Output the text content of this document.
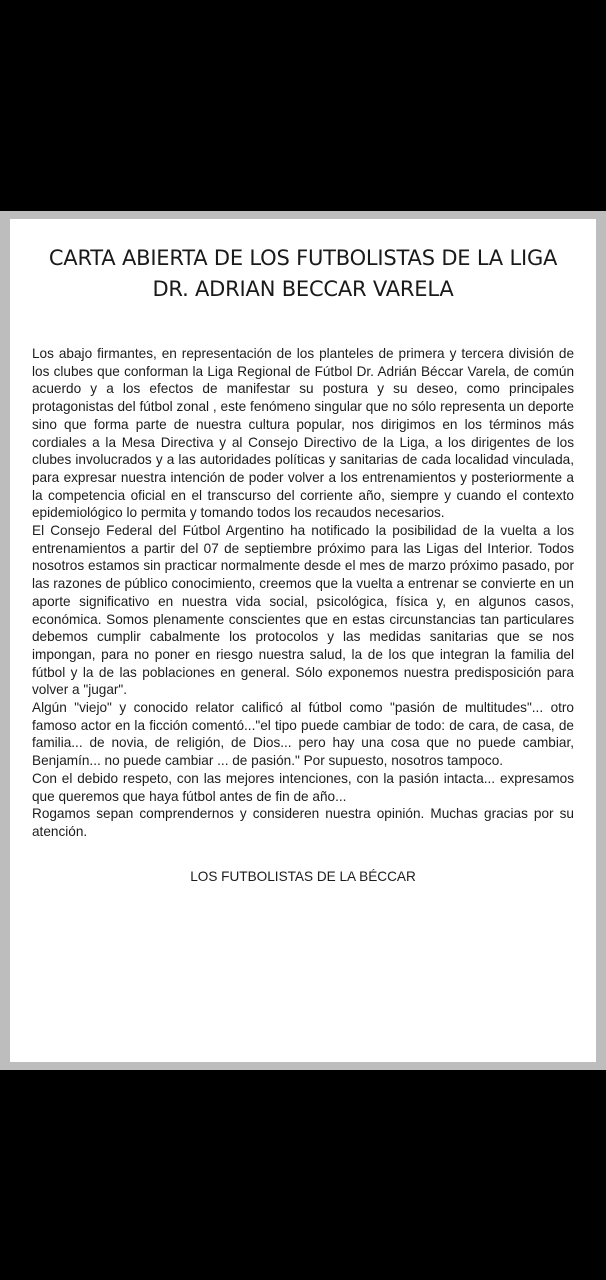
CARTA ABIERTA DE LOS FUTBOLISTAS DE LA LIGA
DR. ADRIAN BECCAR VARELA

Los abajo firmantes, en representación de los planteles de primera y tercera división de los clubes que conforman la Liga Regional de Fútbol Dr. Adrián Béccar Varela, de común acuerdo y a los efectos de manifestar su postura y su deseo, como principales protagonistas del fútbol zonal , este fenómeno singular que no sólo representa un deporte sino que forma parte de nuestra cultura popular, nos dirigimos en los términos más cordiales a la Mesa Directiva y al Consejo Directivo de la Liga, a los dirigentes de los clubes involucrados y a las autoridades políticas y sanitarias de cada localidad vinculada, para expresar nuestra intención de poder volver a los entrenamientos y posteriormente a la competencia oficial en el transcurso del corriente año, siempre y cuando el contexto epidemiológico lo permita y tomando todos los recaudos necesarios.

El Consejo Federal del Fútbol Argentino ha notificado la posibilidad de la vuelta a los entrenamientos a partir del 07 de septiembre próximo para las Ligas del Interior. Todos nosotros estamos sin practicar normalmente desde el mes de marzo próximo pasado, por las razones de público conocimiento, creemos que la vuelta a entrenar se convierte en un aporte significativo en nuestra vida social, psicológica, física y, en algunos casos, económica. Somos plenamente conscientes que en estas circunstancias tan particulares debemos cumplir cabalmente los protocolos y las medidas sanitarias que se nos impongan, para no poner en riesgo nuestra salud, la de los que integran la familia del fútbol y la de las poblaciones en general. Sólo exponemos nuestra predisposición para volver a "jugar".

Algún "viejo" y conocido relator calificó al fútbol como "pasión de multitudes"... otro famoso actor en la ficción comentó..."el tipo puede cambiar de todo: de cara, de casa, de familia... de novia, de religión, de Dios... pero hay una cosa que no puede cambiar, Benjamín... no puede cambiar ... de pasión." Por supuesto, nosotros tampoco.

Con el debido respeto, con las mejores intenciones, con la pasión intacta... expresamos que queremos que haya fútbol antes de fin de año...

Rogamos sepan comprendernos y consideren nuestra opinión. Muchas gracias por su atención.

LOS FUTBOLISTAS DE LA BÉCCAR
